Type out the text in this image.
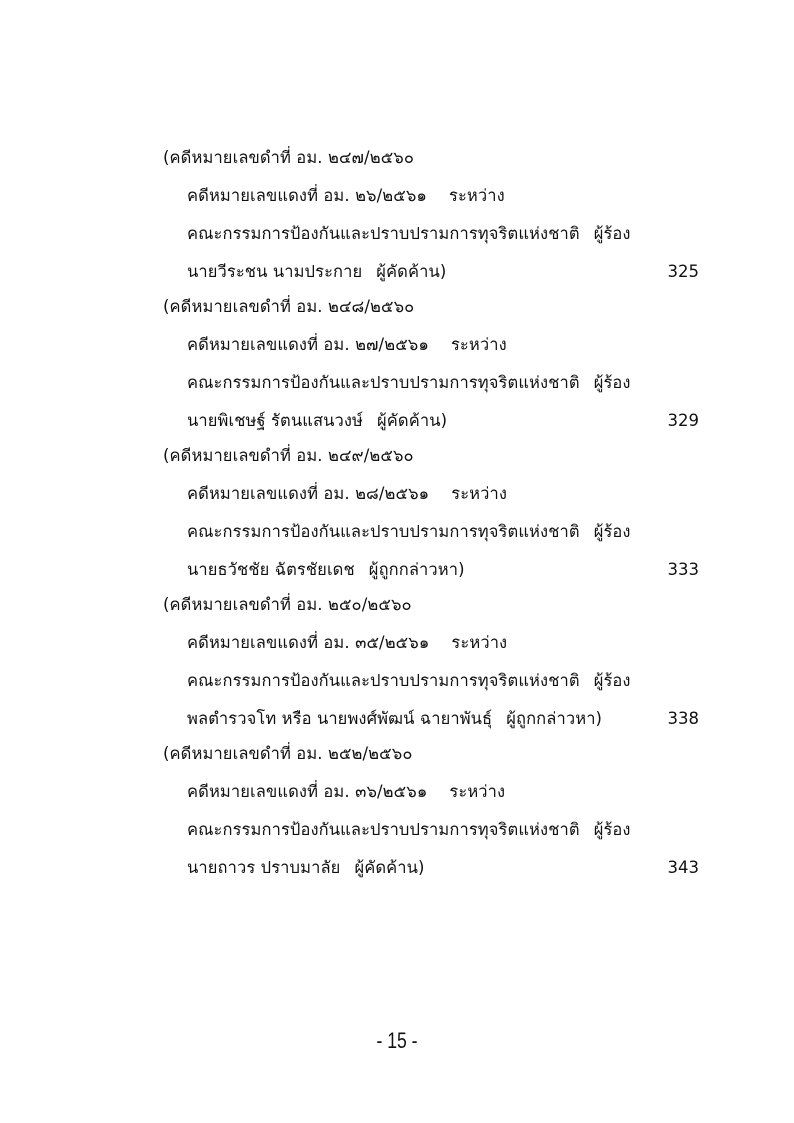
(คดีหมายเลขดำที่ อม. ๒๔๗/๒๕๖๐
คดีหมายเลขแดงที่ อม. ๒๖/๒๕๖๑ ระหว่าง
คณะกรรมการป้องกันและปราบปรามการทุจริตแห่งชาติ ผู้ร้อง
นายวีระชน นามประกาย ผู้คัดค้าน)	325
(คดีหมายเลขดำที่ อม. ๒๔๘/๒๕๖๐
คดีหมายเลขแดงที่ อม. ๒๗/๒๕๖๑ ระหว่าง
คณะกรรมการป้องกันและปราบปรามการทุจริตแห่งชาติ ผู้ร้อง
นายพิเชษฐ์ รัตนแสนวงษ์ ผู้คัดค้าน)	329
(คดีหมายเลขดำที่ อม. ๒๔๙/๒๕๖๐
คดีหมายเลขแดงที่ อม. ๒๘/๒๕๖๑ ระหว่าง
คณะกรรมการป้องกันและปราบปรามการทุจริตแห่งชาติ ผู้ร้อง
นายธวัชชัย ฉัตรชัยเดช ผู้ถูกกล่าวหา)	333
(คดีหมายเลขดำที่ อม. ๒๕๐/๒๕๖๐
คดีหมายเลขแดงที่ อม. ๓๕/๒๕๖๑ ระหว่าง
คณะกรรมการป้องกันและปราบปรามการทุจริตแห่งชาติ ผู้ร้อง
พลตำรวจโท หรือ นายพงศ์พัฒน์ ฉายาพันธุ์ ผู้ถูกกล่าวหา)	338
(คดีหมายเลขดำที่ อม. ๒๕๒/๒๕๖๐
คดีหมายเลขแดงที่ อม. ๓๖/๒๕๖๑ ระหว่าง
คณะกรรมการป้องกันและปราบปรามการทุจริตแห่งชาติ ผู้ร้อง
นายถาวร ปราบมาลัย ผู้คัดค้าน)	343
- 15 -
